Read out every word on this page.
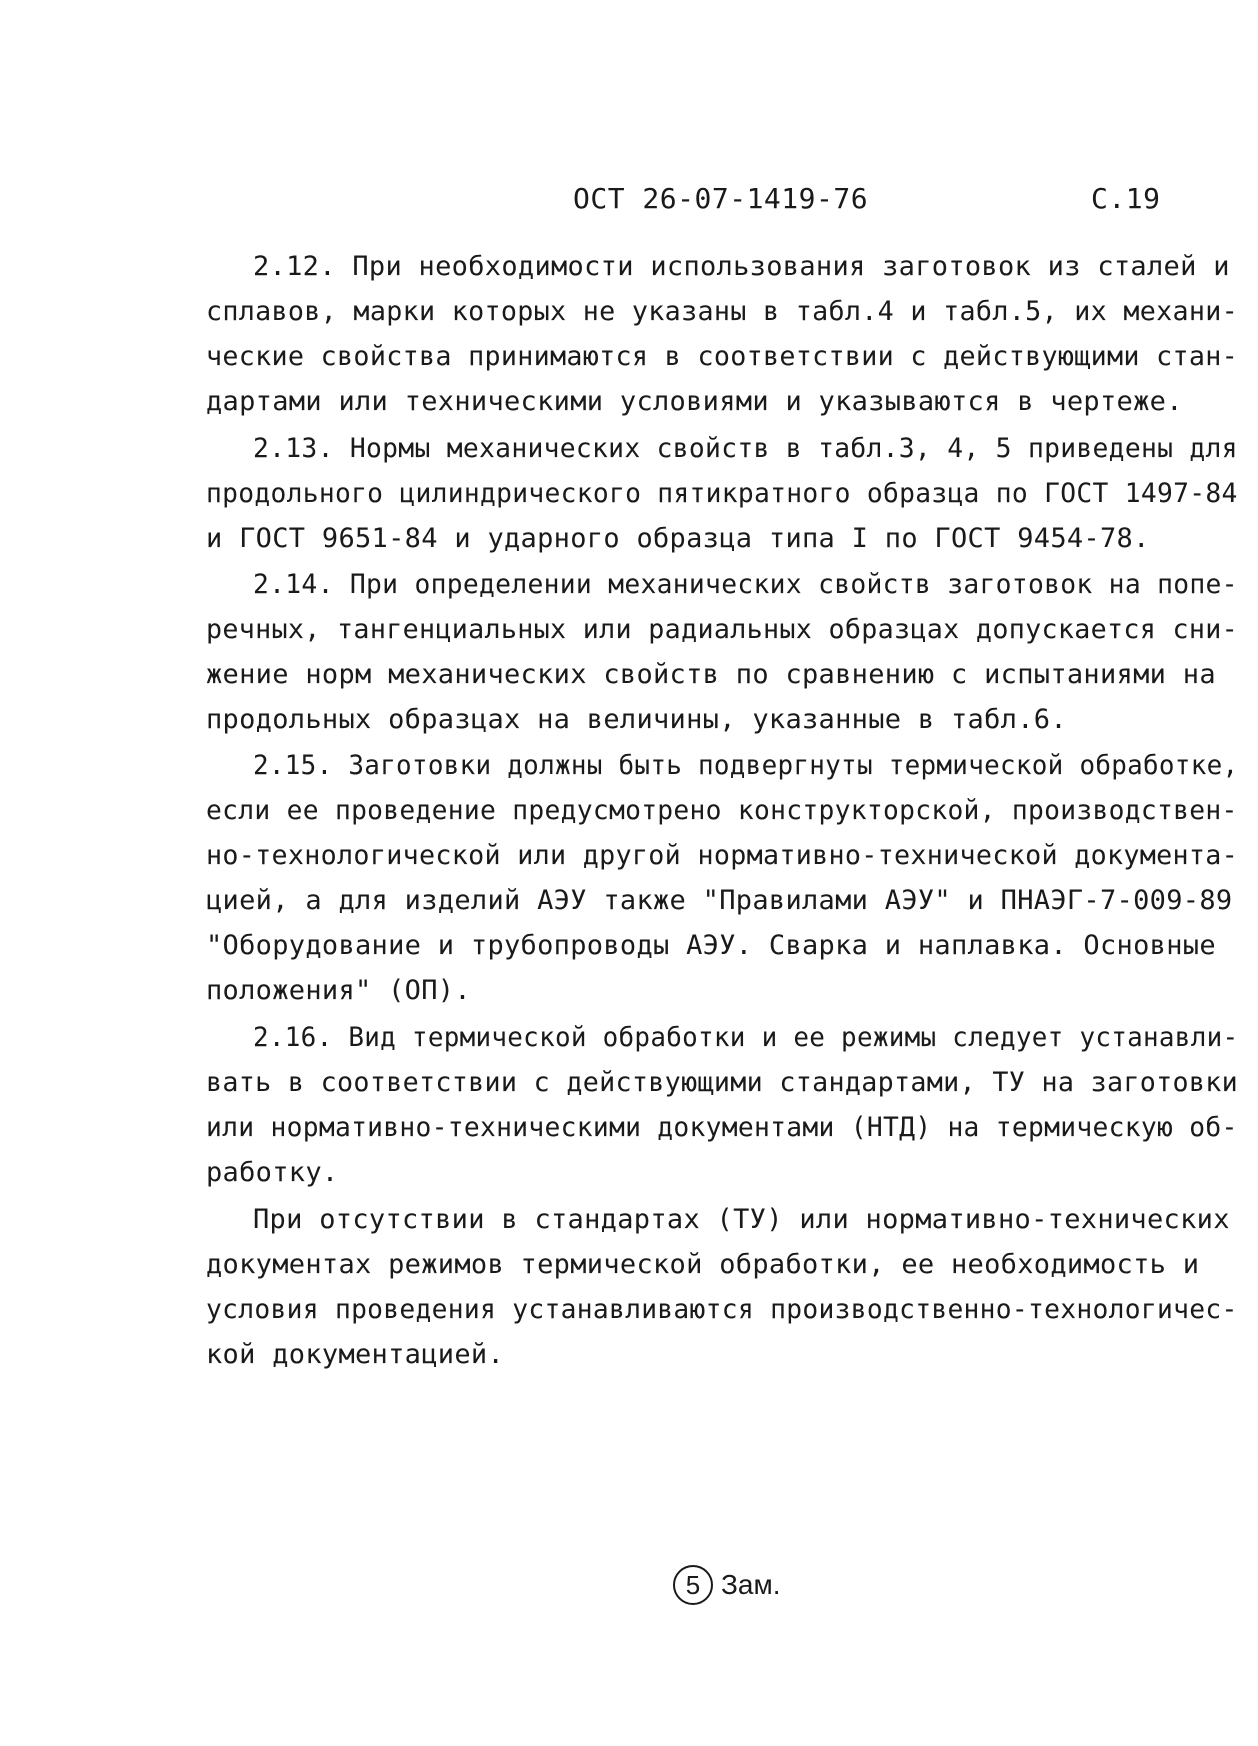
ОСТ 26-07-1419-76	С.19
2.12. При необходимости использования заготовок из сталей и
сплавов, марки которых не указаны в табл.4 и табл.5, их механи-
ческие свойства принимаются в соответствии с действующими стан-
дартами или техническими условиями и указываются в чертеже.
2.13. Нормы механических свойств в табл.3, 4, 5 приведены для
продольного цилиндрического пятикратного образца по ГОСТ 1497-84
и ГОСТ 9651-84 и ударного образца типа I по ГОСТ 9454-78.
2.14. При определении механических свойств заготовок на попе-
речных, тангенциальных или радиальных образцах допускается сни-
жение норм механических свойств по сравнению с испытаниями на
продольных образцах на величины, указанные в табл.6.
2.15. Заготовки должны быть подвергнуты термической обработке,
если ее проведение предусмотрено конструкторской, производствен-
но-технологической или другой нормативно-технической документа-
цией, а для изделий АЭУ также "Правилами АЭУ" и ПНАЭГ-7-009-89
"Оборудование и трубопроводы АЭУ. Сварка и наплавка. Основные
положения" (ОП).
2.16. Вид термической обработки и ее режимы следует устанавли-
вать в соответствии с действующими стандартами, ТУ на заготовки
или нормативно-техническими документами (НТД) на термическую об-
работку.
При отсутствии в стандартах (ТУ) или нормативно-технических
документах режимов термической обработки, ее необходимость и
условия проведения устанавливаются производственно-технологичес-
кой документацией.
5 Зам.
